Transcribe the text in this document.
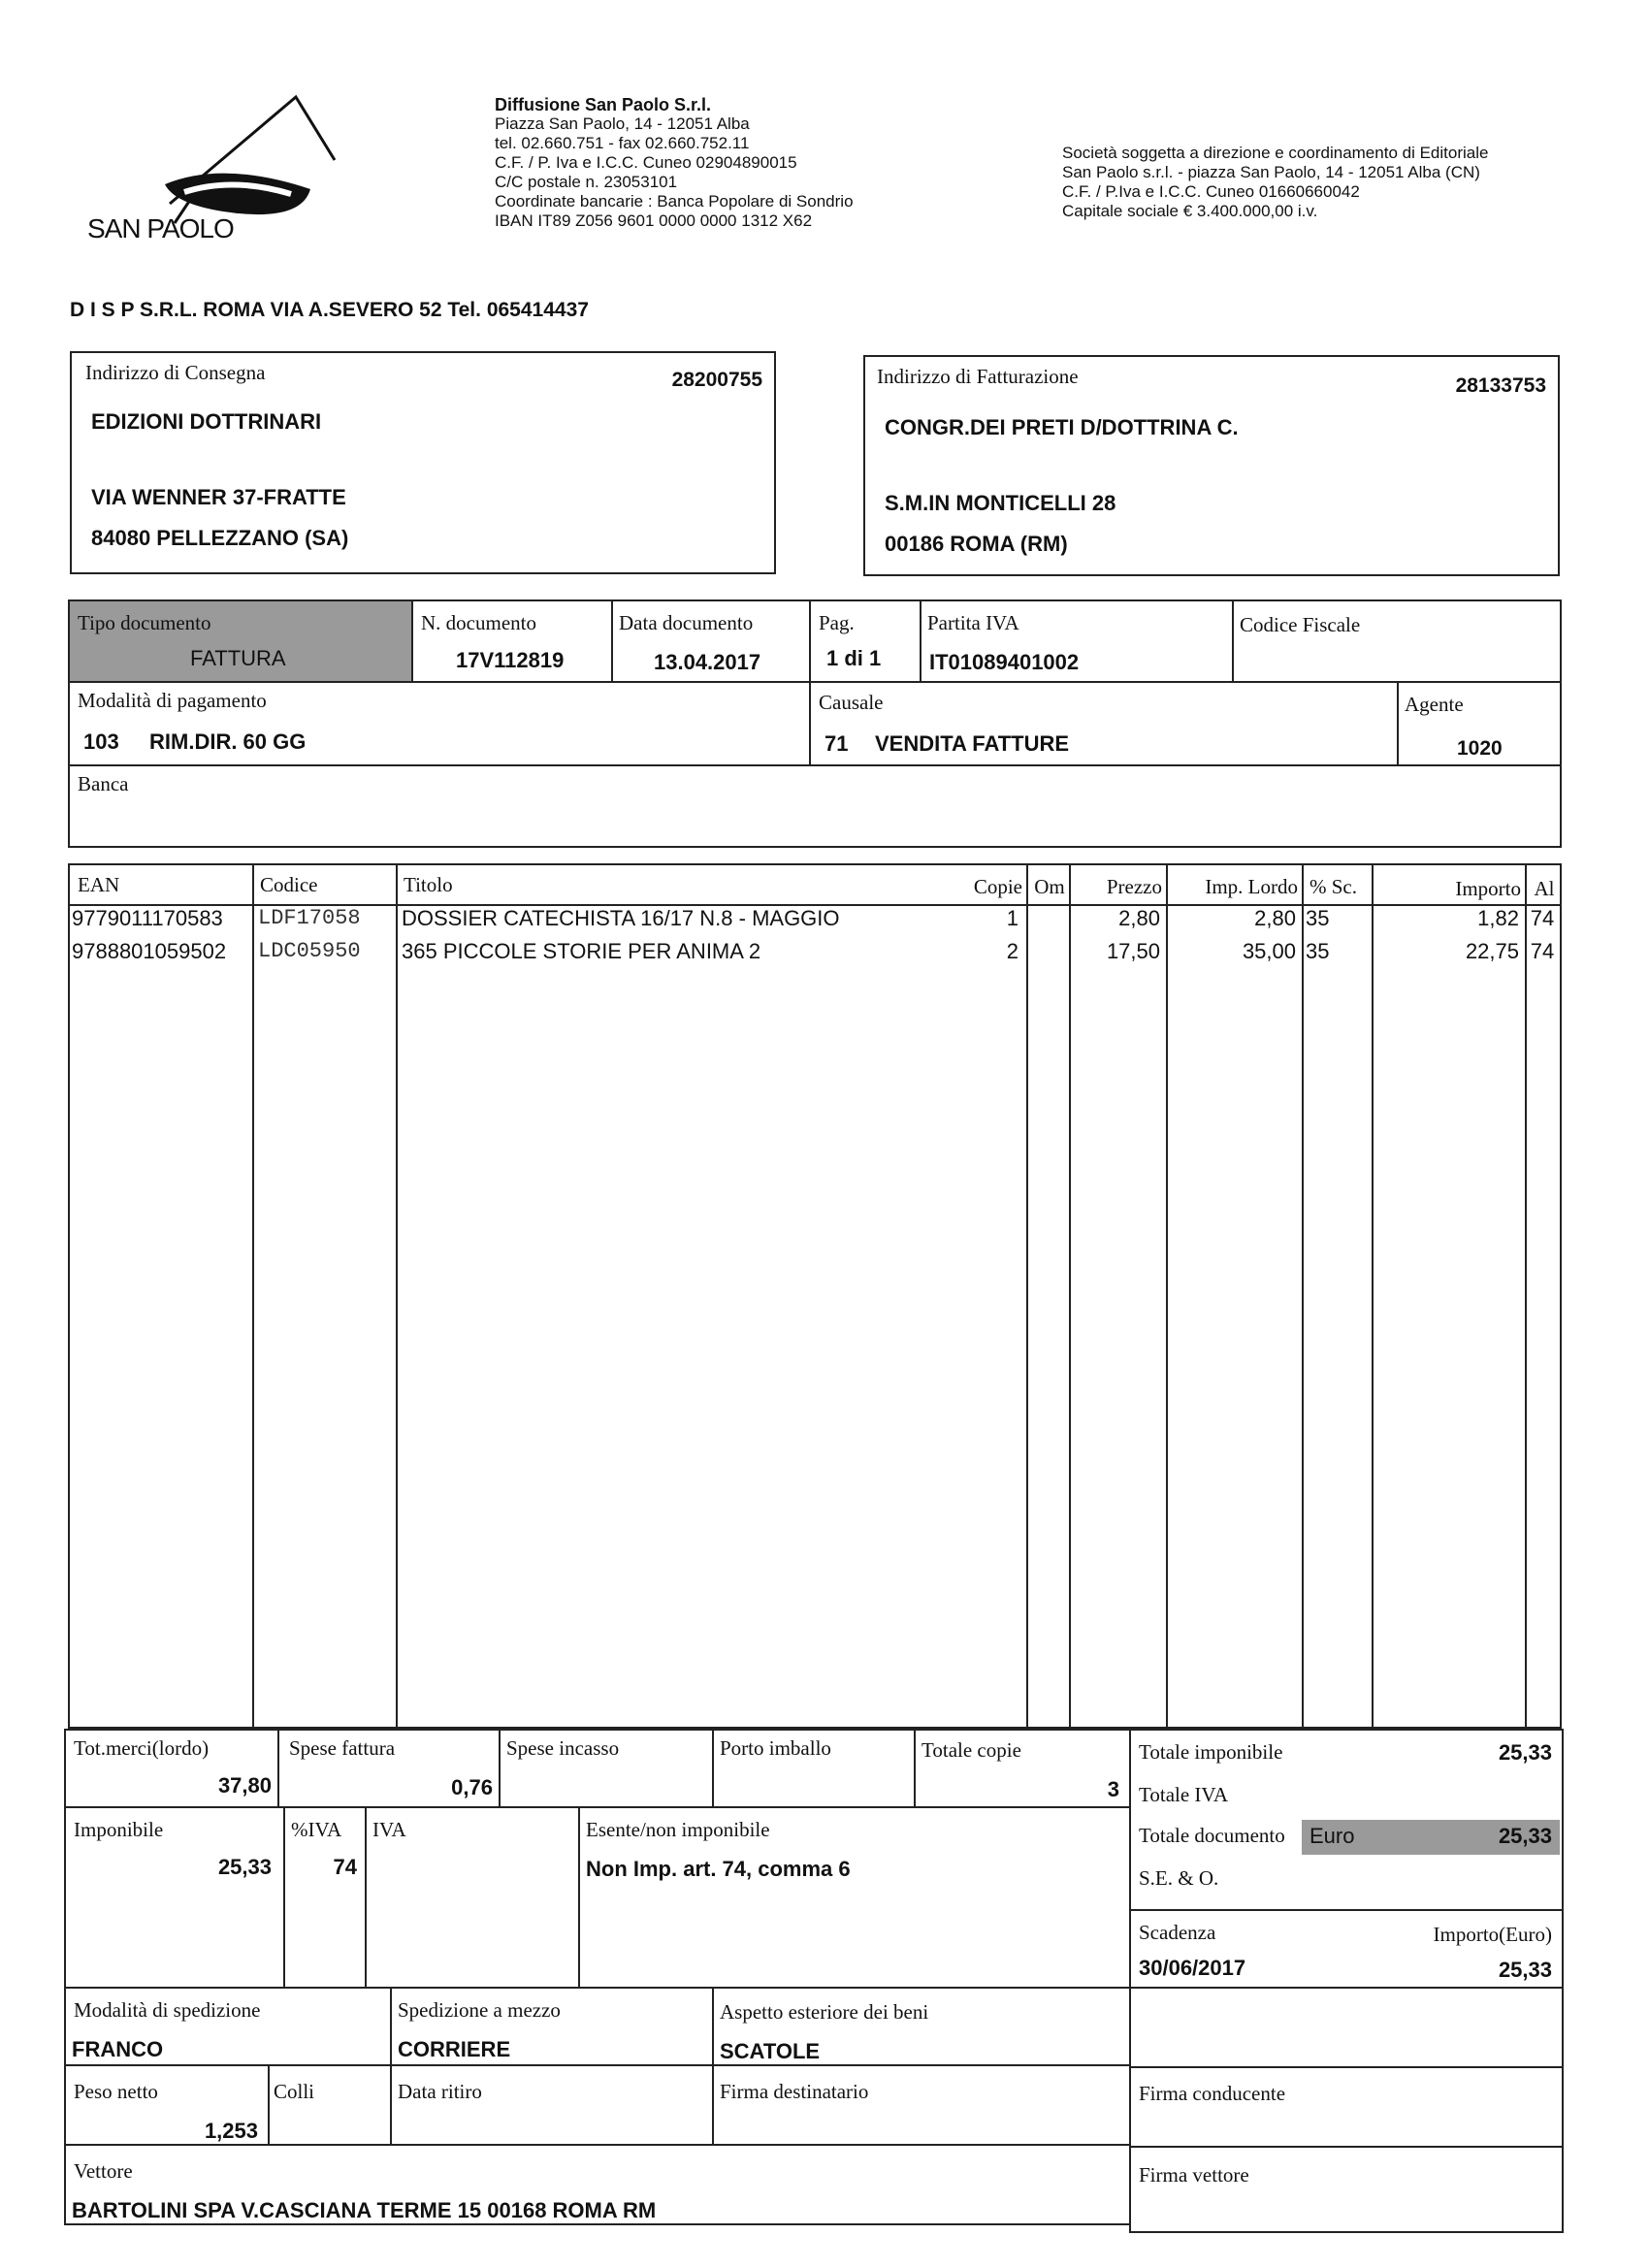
SAN PAOLO
Diffusione San Paolo S.r.l.
Piazza San Paolo, 14 - 12051 Alba
tel. 02.660.751 - fax 02.660.752.11
C.F. / P. Iva e I.C.C. Cuneo 02904890015
C/C postale n. 23053101
Coordinate bancarie : Banca Popolare di Sondrio
IBAN IT89 Z056 9601 0000 0000 1312 X62
Società soggetta a direzione e coordinamento di Editoriale
San Paolo s.r.l. - piazza San Paolo, 14 - 12051 Alba (CN)
C.F. / P.Iva e I.C.C. Cuneo 01660660042
Capitale sociale € 3.400.000,00 i.v.
D I S P S.R.L. ROMA VIA A.SEVERO 52 Tel. 065414437
Indirizzo di Consegna	28200755
EDIZIONI DOTTRINARI
VIA WENNER 37-FRATTE
84080 PELLEZZANO (SA)
Indirizzo di Fatturazione	28133753
CONGR.DEI PRETI D/DOTTRINA C.
S.M.IN MONTICELLI 28
00186 ROMA (RM)
Tipo documento
FATTURA
N. documento
17V112819
Data documento
13.04.2017
Pag.
1 di 1
Partita IVA
IT01089401002
Codice Fiscale
Modalità di pagamento
103 RIM.DIR. 60 GG
Causale
71 VENDITA FATTURE
Agente
1020
Banca
EAN	Codice	Titolo	Copie Om	Prezzo	Imp. Lordo % Sc.	Importo Al
9779011170583 LDF17058 DOSSIER CATECHISTA 16/17 N.8 - MAGGIO	1	2,80	2,80 35	1,82 74
9788801059502 LDC05950 365 PICCOLE STORIE PER ANIMA 2	2	17,50	35,00 35	22,75 74
Tot.merci(lordo)
37,80
Spese fattura
0,76
Spese incasso	Porto imballo	Totale copie
3
Totale imponibile	25,33
Totale IVA
Totale documento Euro	25,33
S.E. & O.
Imponibile
25,33
%IVA
74
IVA	Esente/non imponibile
Non Imp. art. 74, comma 6
Scadenza
30/06/2017
Importo(Euro)
25,33
Modalità di spedizione
FRANCO
Spedizione a mezzo
CORRIERE
Aspetto esteriore dei beni
SCATOLE
Peso netto
1,253
Colli	Data ritiro	Firma destinatario	Firma conducente
Vettore
BARTOLINI SPA V.CASCIANA TERME 15 00168 ROMA RM
Firma vettore
